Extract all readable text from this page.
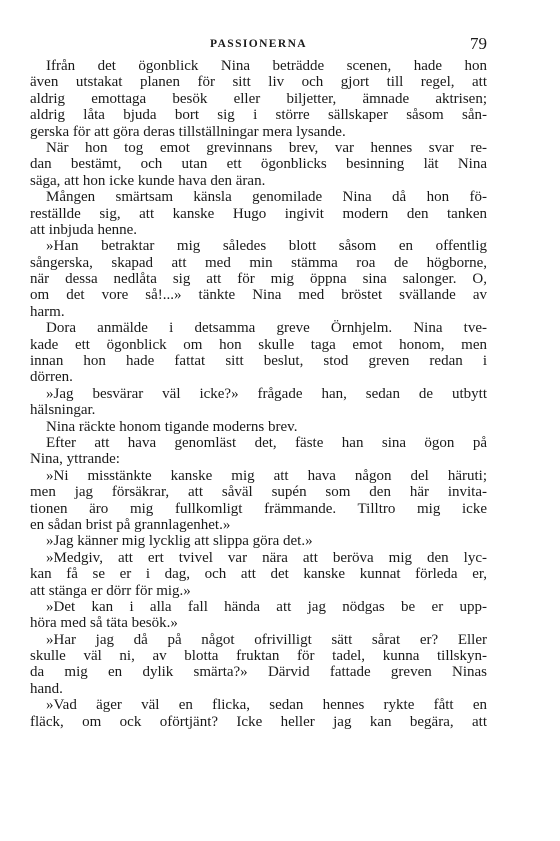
PASSIONERNA	79
Ifrån det ögonblick Nina beträdde scenen, hade hon
även utstakat planen för sitt liv och gjort till regel, att
aldrig emottaga besök eller biljetter, ämnade aktrisen;
aldrig låta bjuda bort sig i större sällskaper såsom sån-
gerska för att göra deras tillställningar mera lysande.
När hon tog emot grevinnans brev, var hennes svar re-
dan bestämt, och utan ett ögonblicks besinning lät Nina
säga, att hon icke kunde hava den äran.
Mången smärtsam känsla genomilade Nina då hon fö-
reställde sig, att kanske Hugo ingivit modern den tanken
att inbjuda henne.
»Han betraktar mig således blott såsom en offentlig
sångerska, skapad att med min stämma roa de högborne,
när dessa nedlåta sig att för mig öppna sina salonger. O,
om det vore så!...» tänkte Nina med bröstet svällande av
harm.
Dora anmälde i detsamma greve Örnhjelm. Nina tve-
kade ett ögonblick om hon skulle taga emot honom, men
innan hon hade fattat sitt beslut, stod greven redan i
dörren.
»Jag besvärar väl icke?» frågade han, sedan de utbytt
hälsningar.
Nina räckte honom tigande moderns brev.
Efter att hava genomläst det, fäste han sina ögon på
Nina, yttrande:
»Ni misstänkte kanske mig att hava någon del häruti;
men jag försäkrar, att såväl supén som den här invita-
tionen äro mig fullkomligt främmande. Tilltro mig icke
en sådan brist på grannlagenhet.»
»Jag känner mig lycklig att slippa göra det.»
»Medgiv, att ert tvivel var nära att beröva mig den lyc-
kan få se er i dag, och att det kanske kunnat förleda er,
att stänga er dörr för mig.»
»Det kan i alla fall hända att jag nödgas be er upp-
höra med så täta besök.»
»Har jag då på något ofrivilligt sätt sårat er? Eller
skulle väl ni, av blotta fruktan för tadel, kunna tillskyn-
da mig en dylik smärta?» Därvid fattade greven Ninas
hand.
»Vad äger väl en flicka, sedan hennes rykte fått en
fläck, om ock oförtjänt? Icke heller jag kan begära, att
